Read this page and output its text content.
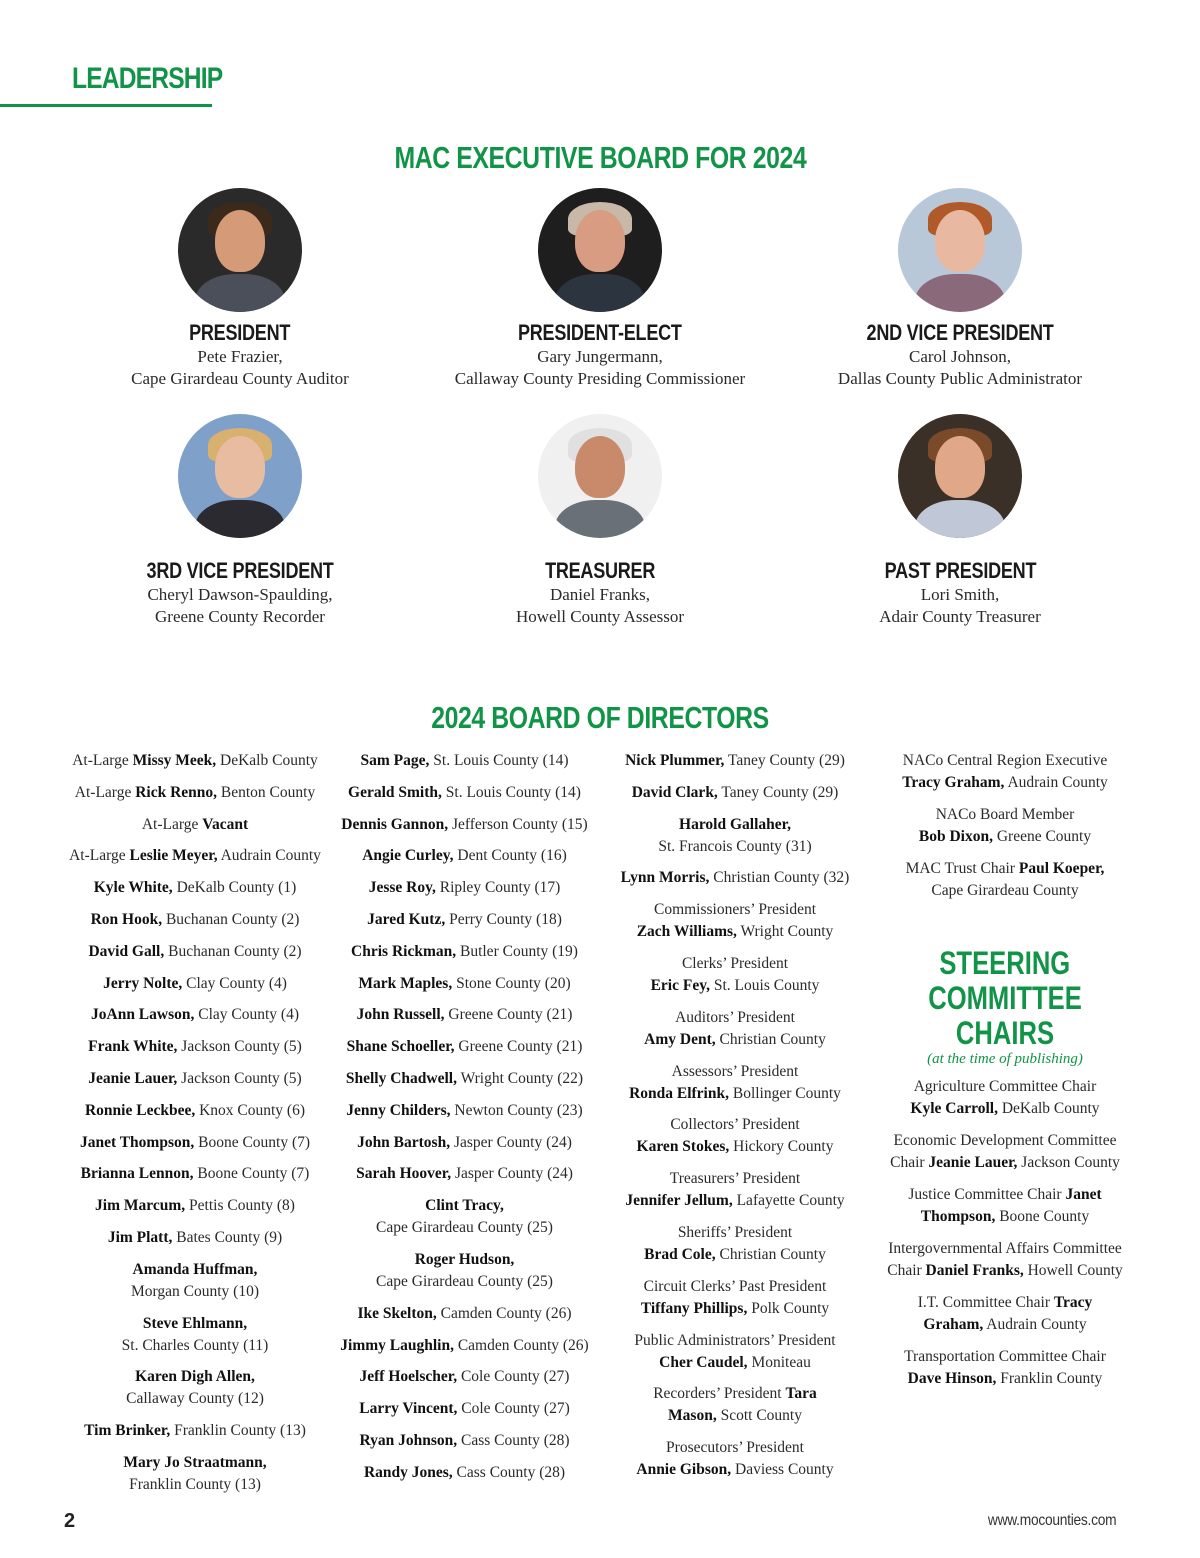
LEADERSHIP
MAC EXECUTIVE BOARD FOR 2024
PRESIDENT
Pete Frazier,
Cape Girardeau County Auditor
PRESIDENT-ELECT
Gary Jungermann,
Callaway County Presiding Commissioner
2ND VICE PRESIDENT
Carol Johnson,
Dallas County Public Administrator
3RD VICE PRESIDENT
Cheryl Dawson-Spaulding,
Greene County Recorder
TREASURER
Daniel Franks,
Howell County Assessor
PAST PRESIDENT
Lori Smith,
Adair County Treasurer
2024 BOARD OF DIRECTORS
At-Large Missy Meek, DeKalb County
At-Large Rick Renno, Benton County
At-Large Vacant
At-Large Leslie Meyer, Audrain County
Kyle White, DeKalb County (1)
Ron Hook, Buchanan County (2)
David Gall, Buchanan County (2)
Jerry Nolte, Clay County (4)
JoAnn Lawson, Clay County (4)
Frank White, Jackson County (5)
Jeanie Lauer, Jackson County (5)
Ronnie Leckbee, Knox County (6)
Janet Thompson, Boone County (7)
Brianna Lennon, Boone County (7)
Jim Marcum, Pettis County (8)
Jim Platt, Bates County (9)
Amanda Huffman,
Morgan County (10)
Steve Ehlmann,
St. Charles County (11)
Karen Digh Allen,
Callaway County (12)
Tim Brinker, Franklin County (13)
Mary Jo Straatmann,
Franklin County (13)
Sam Page, St. Louis County (14)
Gerald Smith, St. Louis County (14)
Dennis Gannon, Jefferson County (15)
Angie Curley, Dent County (16)
Jesse Roy, Ripley County (17)
Jared Kutz, Perry County (18)
Chris Rickman, Butler County (19)
Mark Maples, Stone County (20)
John Russell, Greene County (21)
Shane Schoeller, Greene County (21)
Shelly Chadwell, Wright County (22)
Jenny Childers, Newton County (23)
John Bartosh, Jasper County (24)
Sarah Hoover, Jasper County (24)
Clint Tracy,
Cape Girardeau County (25)
Roger Hudson,
Cape Girardeau County (25)
Ike Skelton, Camden County (26)
Jimmy Laughlin, Camden County (26)
Jeff Hoelscher, Cole County (27)
Larry Vincent, Cole County (27)
Ryan Johnson, Cass County (28)
Randy Jones, Cass County (28)
Nick Plummer, Taney County (29)
David Clark, Taney County (29)
Harold Gallaher,
St. Francois County (31)
Lynn Morris, Christian County (32)
Commissioners’ President
Zach Williams, Wright County
Clerks’ President
Eric Fey, St. Louis County
Auditors’ President
Amy Dent, Christian County
Assessors’ President
Ronda Elfrink, Bollinger County
Collectors’ President
Karen Stokes, Hickory County
Treasurers’ President
Jennifer Jellum, Lafayette County
Sheriffs’ President
Brad Cole, Christian County
Circuit Clerks’ Past President
Tiffany Phillips, Polk County
Public Administrators’ President
Cher Caudel, Moniteau
Recorders’ President Tara
Mason, Scott County
Prosecutors’ President
Annie Gibson, Daviess County
NACo Central Region Executive
Tracy Graham, Audrain County
NACo Board Member
Bob Dixon, Greene County
MAC Trust Chair Paul Koeper,
Cape Girardeau County
STEERING
COMMITTEE CHAIRS
(at the time of publishing)
Agriculture Committee Chair
Kyle Carroll, DeKalb County
Economic Development Committee
Chair Jeanie Lauer, Jackson County
Justice Committee Chair Janet
Thompson, Boone County
Intergovernmental Affairs Committee
Chair Daniel Franks, Howell County
I.T. Committee Chair Tracy
Graham, Audrain County
Transportation Committee Chair
Dave Hinson, Franklin County
2	www.mocounties.com
